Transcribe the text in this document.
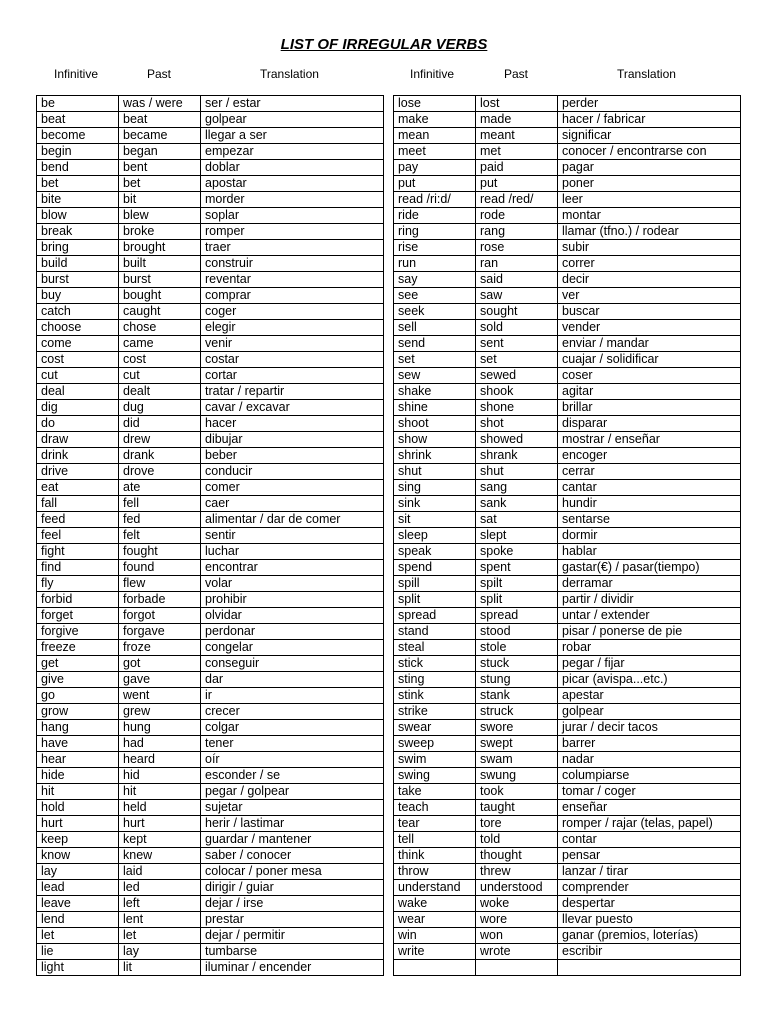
LIST OF IRREGULAR VERBS
Infinitive	Past	Translation	Infinitive	Past	Translation
be	was / were	ser / estar
beat	beat	golpear
become	became	llegar a ser
begin	began	empezar
bend	bent	doblar
bet	bet	apostar
bite	bit	morder
blow	blew	soplar
break	broke	romper
bring	brought	traer
build	built	construir
burst	burst	reventar
buy	bought	comprar
catch	caught	coger
choose	chose	elegir
come	came	venir
cost	cost	costar
cut	cut	cortar
deal	dealt	tratar / repartir
dig	dug	cavar / excavar
do	did	hacer
draw	drew	dibujar
drink	drank	beber
drive	drove	conducir
eat	ate	comer
fall	fell	caer
feed	fed	alimentar / dar de comer
feel	felt	sentir
fight	fought	luchar
find	found	encontrar
fly	flew	volar
forbid	forbade	prohibir
forget	forgot	olvidar
forgive	forgave	perdonar
freeze	froze	congelar
get	got	conseguir
give	gave	dar
go	went	ir
grow	grew	crecer
hang	hung	colgar
have	had	tener
hear	heard	oír
hide	hid	esconder / se
hit	hit	pegar / golpear
hold	held	sujetar
hurt	hurt	herir / lastimar
keep	kept	guardar / mantener
know	knew	saber / conocer
lay	laid	colocar / poner mesa
lead	led	dirigir / guiar
leave	left	dejar / irse
lend	lent	prestar
let	let	dejar / permitir
lie	lay	tumbarse
light	lit	iluminar / encender
lose	lost	perder
make	made	hacer / fabricar
mean	meant	significar
meet	met	conocer / encontrarse con
pay	paid	pagar
put	put	poner
read /ri:d/	read /red/	leer
ride	rode	montar
ring	rang	llamar (tfno.) / rodear
rise	rose	subir
run	ran	correr
say	said	decir
see	saw	ver
seek	sought	buscar
sell	sold	vender
send	sent	enviar / mandar
set	set	cuajar / solidificar
sew	sewed	coser
shake	shook	agitar
shine	shone	brillar
shoot	shot	disparar
show	showed	mostrar / enseñar
shrink	shrank	encoger
shut	shut	cerrar
sing	sang	cantar
sink	sank	hundir
sit	sat	sentarse
sleep	slept	dormir
speak	spoke	hablar
spend	spent	gastar(€) / pasar(tiempo)
spill	spilt	derramar
split	split	partir / dividir
spread	spread	untar / extender
stand	stood	pisar / ponerse de pie
steal	stole	robar
stick	stuck	pegar / fijar
sting	stung	picar (avispa...etc.)
stink	stank	apestar
strike	struck	golpear
swear	swore	jurar / decir tacos
sweep	swept	barrer
swim	swam	nadar
swing	swung	columpiarse
take	took	tomar / coger
teach	taught	enseñar
tear	tore	romper / rajar (telas, papel)
tell	told	contar
think	thought	pensar
throw	threw	lanzar / tirar
understand	understood	comprender
wake	woke	despertar
wear	wore	llevar puesto
win	won	ganar (premios, loterías)
write	wrote	escribir
